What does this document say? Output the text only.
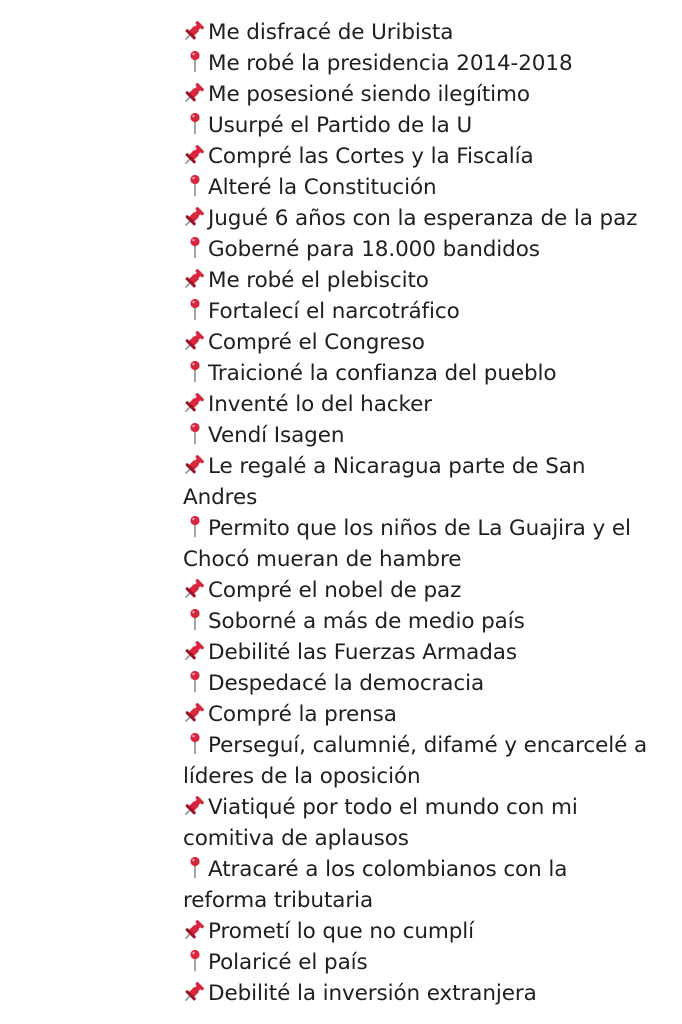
Me disfracé de Uribista
Me robé la presidencia 2014-2018
Me posesioné siendo ilegítimo
Usurpé el Partido de la U
Compré las Cortes y la Fiscalía
Alteré la Constitución
Jugué 6 años con la esperanza de la paz
Goberné para 18.000 bandidos
Me robé el plebiscito
Fortalecí el narcotráfico
Compré el Congreso
Traicioné la confianza del pueblo
Inventé lo del hacker
Vendí Isagen
Le regalé a Nicaragua parte de San Andres
Permito que los niños de La Guajira y el Chocó mueran de hambre
Compré el nobel de paz
Soborné a más de medio país
Debilité las Fuerzas Armadas
Despedacé la democracia
Compré la prensa
Perseguí, calumnié, difamé y encarcelé a líderes de la oposición
Viatiqué por todo el mundo con mi comitiva de aplausos
Atracaré a los colombianos con la reforma tributaria
Prometí lo que no cumplí
Polaricé el país
Debilité la inversión extranjera
